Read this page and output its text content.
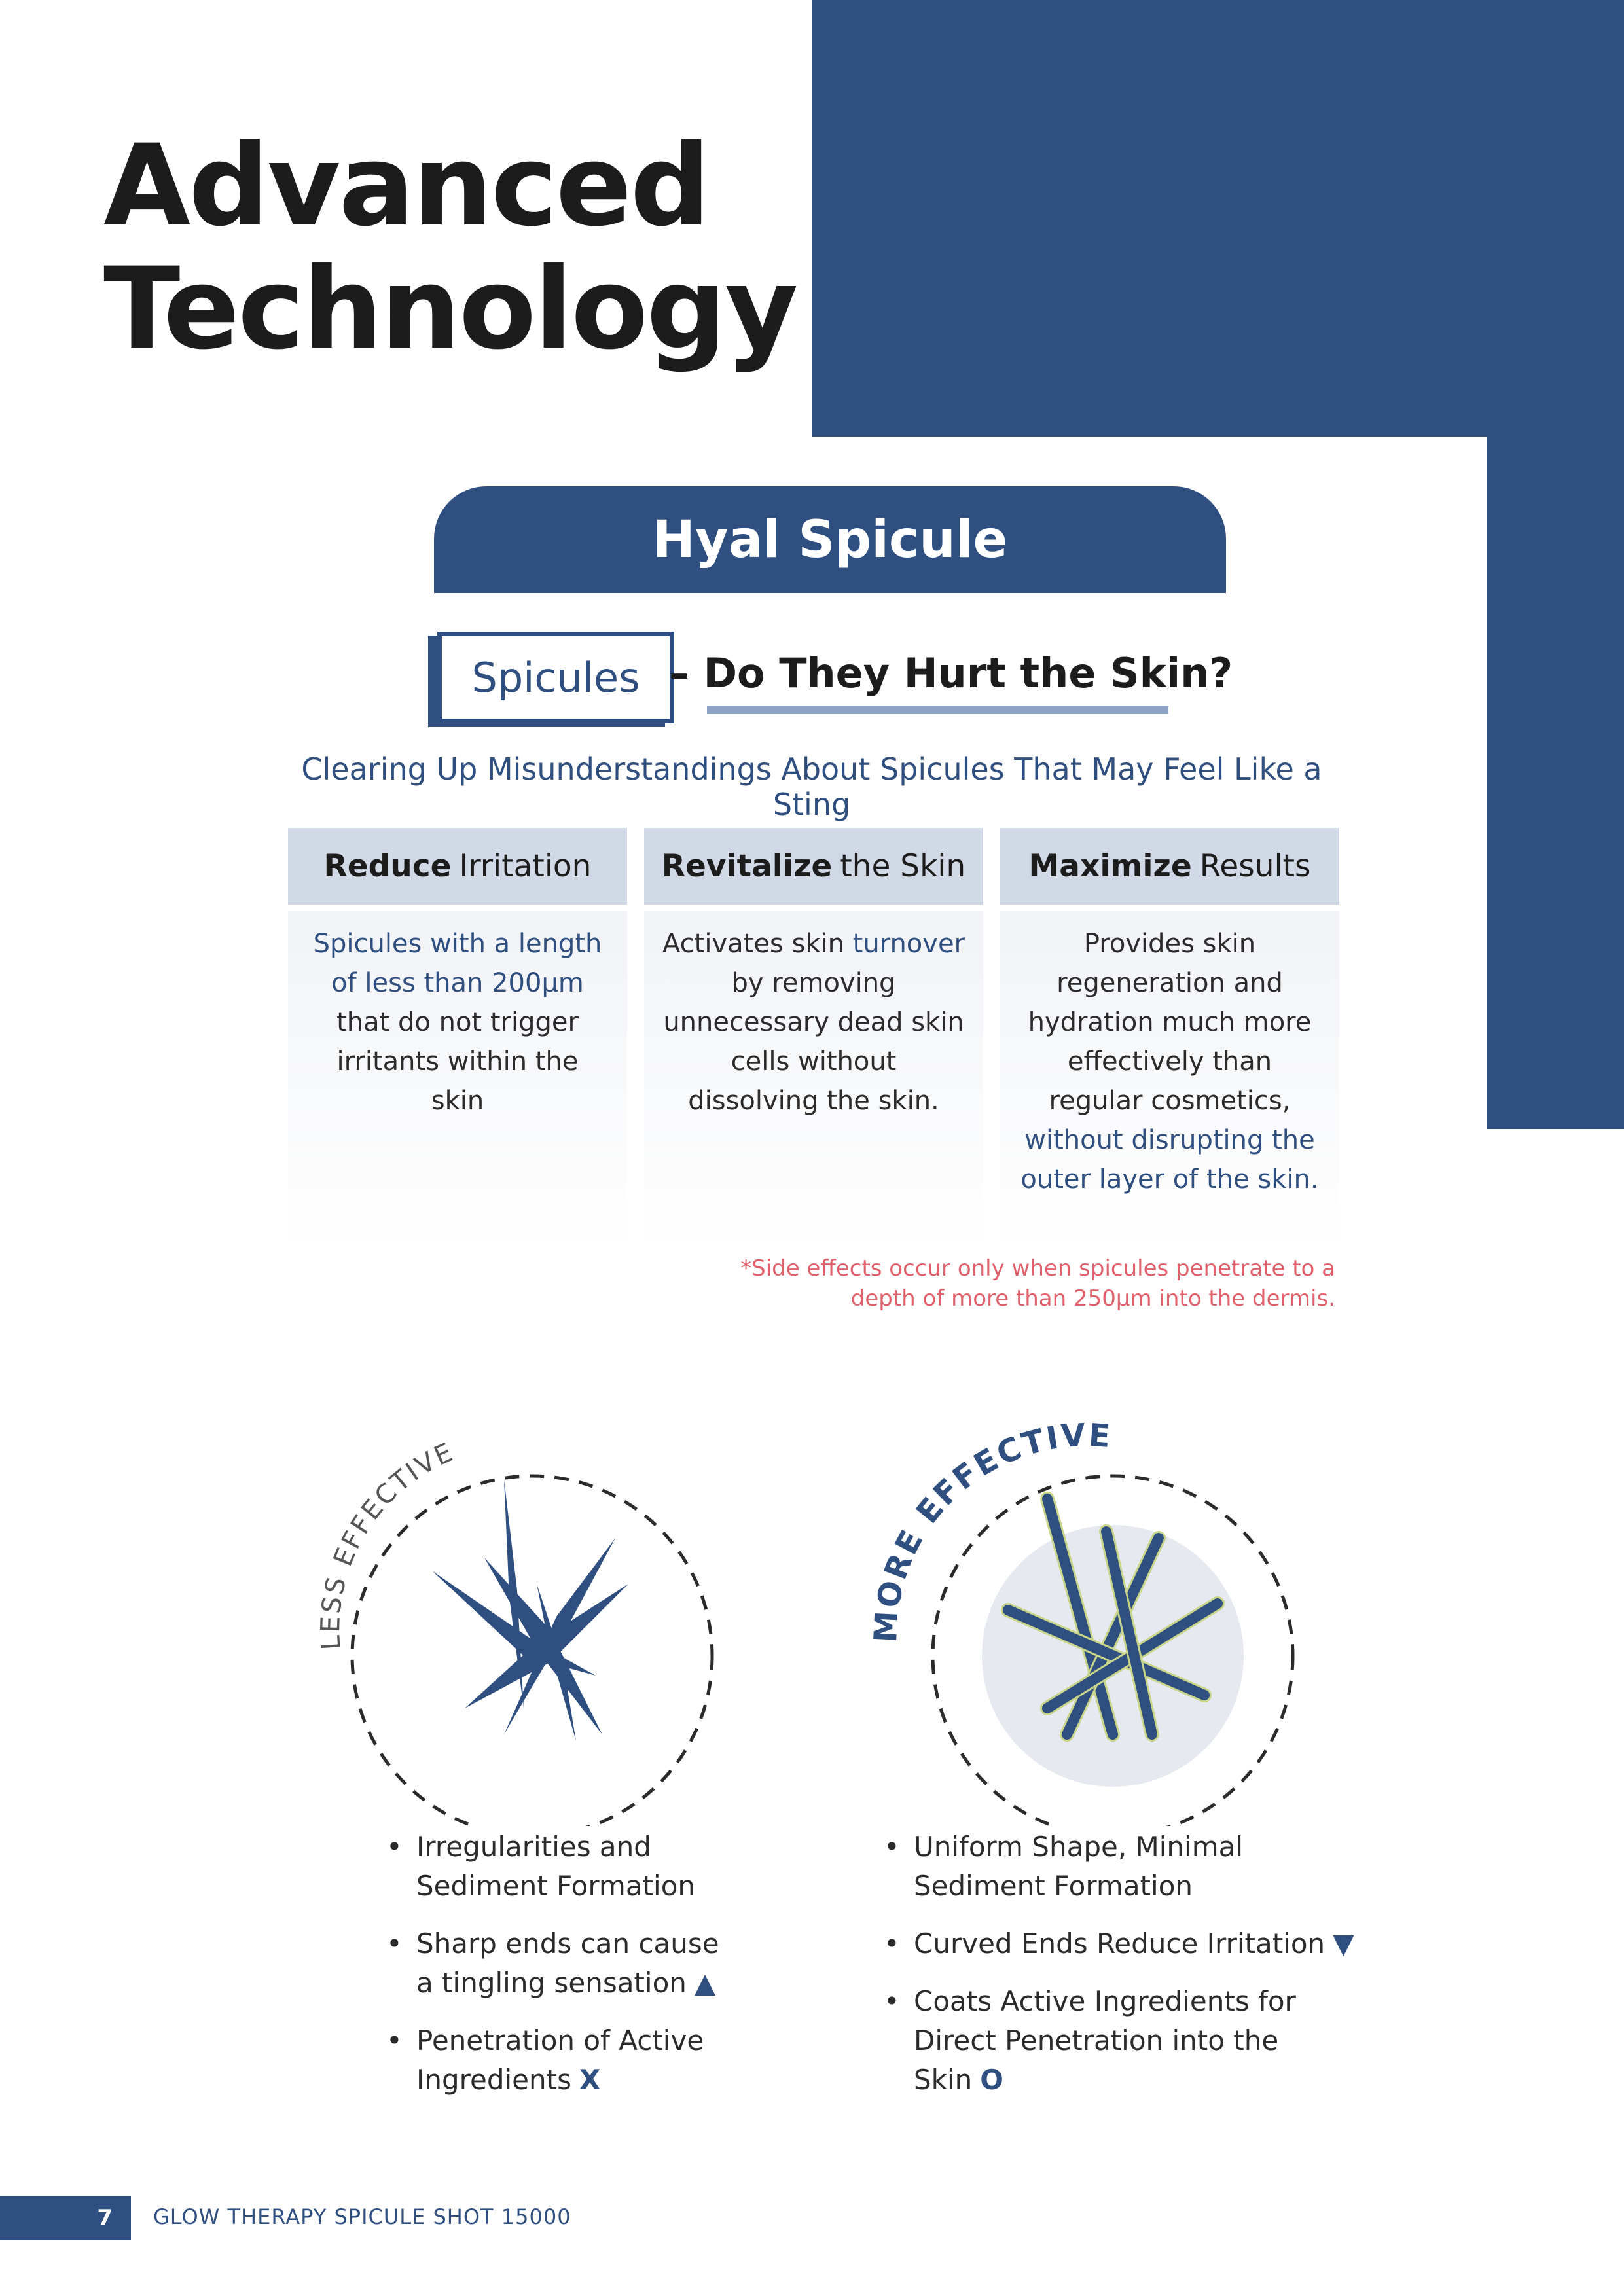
Advanced
Technology
Hyal Spicule
Spicules – Do They Hurt the Skin?
Clearing Up Misunderstandings About Spicules That May Feel Like a Sting
Reduce Irritation
Spicules with a length of less than 200μm that do not trigger irritants within the skin
Revitalize the Skin
Activates skin turnover by removing unnecessary dead skin cells without dissolving the skin.
Maximize Results
Provides skin regeneration and hydration much more effectively than regular cosmetics, without disrupting the outer layer of the skin.
*Side effects occur only when spicules penetrate to a depth of more than 250μm into the dermis.
LESS EFFECTIVE
MORE EFFECTIVE
• Irregularities and Sediment Formation
• Sharp ends can cause a tingling sensation ▲
• Penetration of Active Ingredients X
• Uniform Shape, Minimal Sediment Formation
• Curved Ends Reduce Irritation ▼
• Coats Active Ingredients for Direct Penetration into the Skin O
7 GLOW THERAPY SPICULE SHOT 15000
